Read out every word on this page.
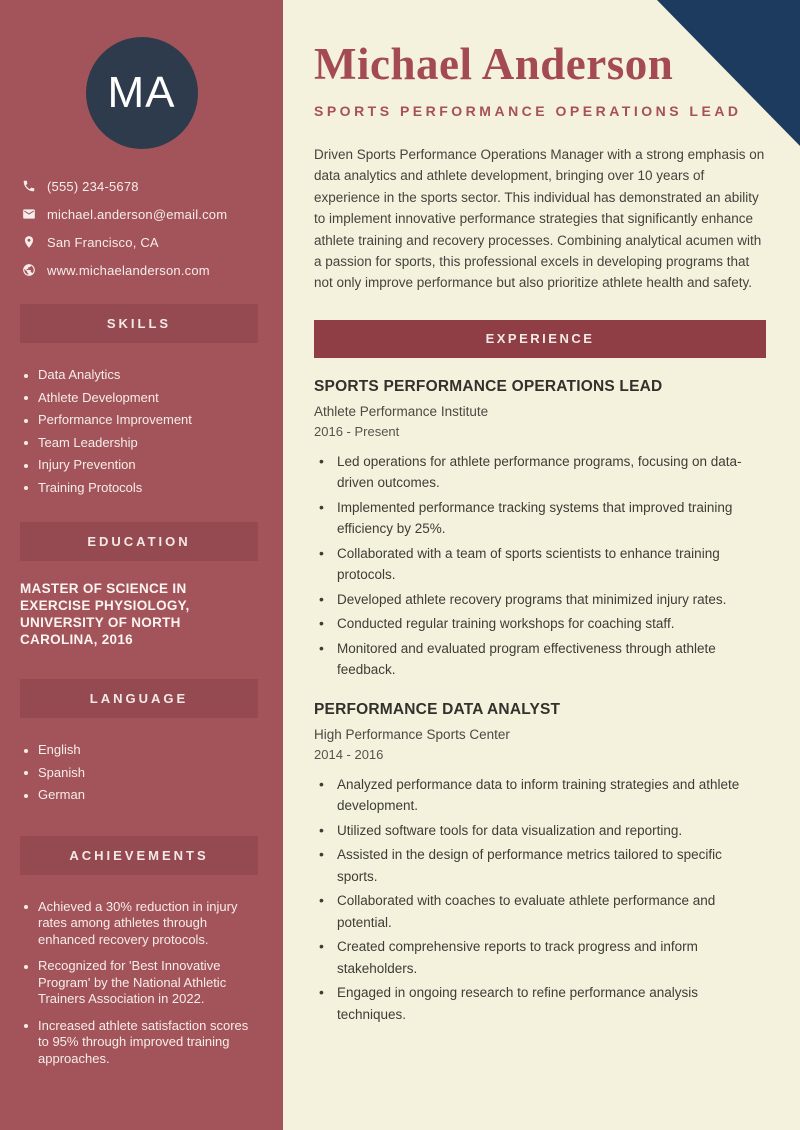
MA
(555) 234-5678
michael.anderson@email.com
San Francisco, CA
www.michaelanderson.com
SKILLS
Data Analytics
Athlete Development
Performance Improvement
Team Leadership
Injury Prevention
Training Protocols
EDUCATION

MASTER OF SCIENCE IN EXERCISE PHYSIOLOGY, UNIVERSITY OF NORTH CAROLINA, 2016

LANGUAGE
English
Spanish
German
ACHIEVEMENTS
Achieved a 30% reduction in injury rates among athletes through enhanced recovery protocols.
Recognized for 'Best Innovative Program' by the National Athletic Trainers Association in 2022.
Increased athlete satisfaction scores to 95% through improved training approaches.
Michael Anderson
SPORTS PERFORMANCE OPERATIONS LEAD

Driven Sports Performance Operations Manager with a strong emphasis on data analytics and athlete development, bringing over 10 years of experience in the sports sector. This individual has demonstrated an ability to implement innovative performance strategies that significantly enhance athlete training and recovery processes. Combining analytical acumen with a passion for sports, this professional excels in developing programs that not only improve performance but also prioritize athlete health and safety.

EXPERIENCE
SPORTS PERFORMANCE OPERATIONS LEAD
Athlete Performance Institute
2016 - Present
• Led operations for athlete performance programs, focusing on data-driven outcomes.
• Implemented performance tracking systems that improved training efficiency by 25%.
• Collaborated with a team of sports scientists to enhance training protocols.
• Developed athlete recovery programs that minimized injury rates.
• Conducted regular training workshops for coaching staff.
• Monitored and evaluated program effectiveness through athlete feedback.
PERFORMANCE DATA ANALYST
High Performance Sports Center
2014 - 2016
• Analyzed performance data to inform training strategies and athlete development.
• Utilized software tools for data visualization and reporting.
• Assisted in the design of performance metrics tailored to specific sports.
• Collaborated with coaches to evaluate athlete performance and potential.
• Created comprehensive reports to track progress and inform stakeholders.
• Engaged in ongoing research to refine performance analysis techniques.
